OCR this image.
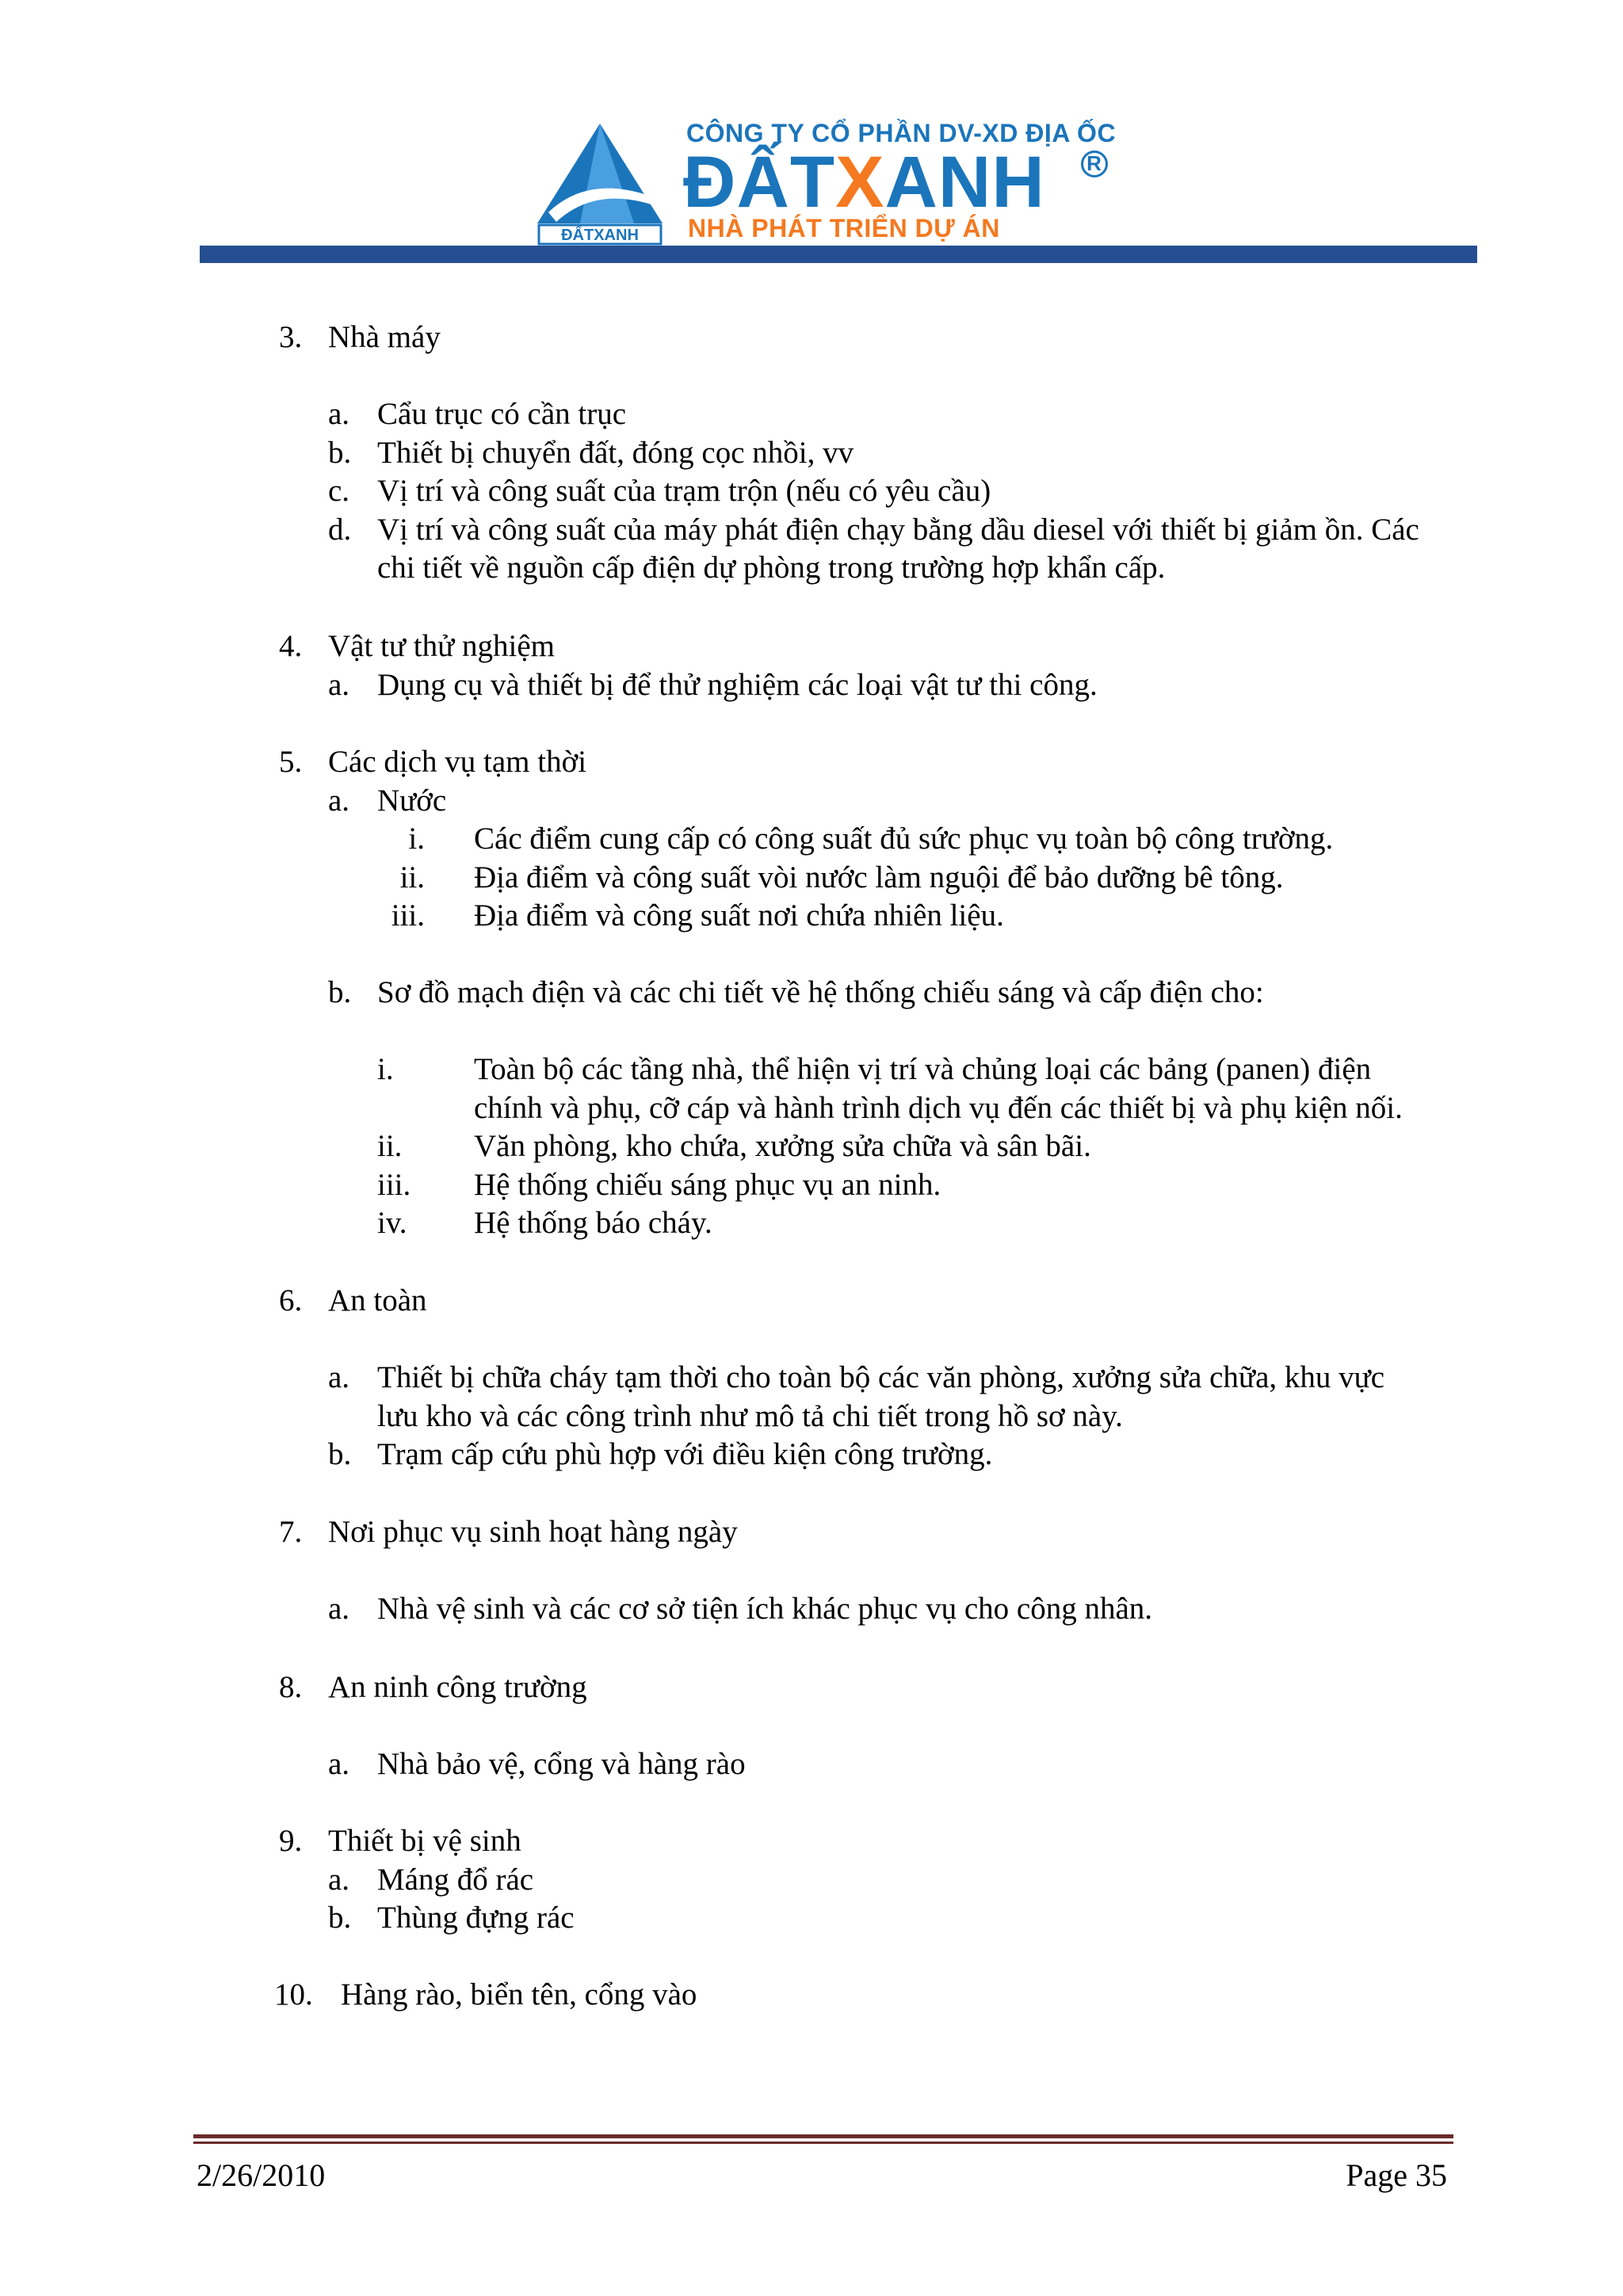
ĐẤTXANH
CÔNG TY CỔ PHẦN DV-XD ĐỊA ỐC
ĐẤTXANH R
NHÀ PHÁT TRIỂN DỰ ÁN
3. Nhà máy
a. Cẩu trục có cần trục
b. Thiết bị chuyển đất, đóng cọc nhồi, vv
c. Vị trí và công suất của trạm trộn (nếu có yêu cầu)
d. Vị trí và công suất của máy phát điện chạy bằng dầu diesel với thiết bị giảm ồn. Các
chi tiết về nguồn cấp điện dự phòng trong trường hợp khẩn cấp.
4. Vật tư thử nghiệm
a. Dụng cụ và thiết bị để thử nghiệm các loại vật tư thi công.
5. Các dịch vụ tạm thời
a. Nước
i. Các điểm cung cấp có công suất đủ sức phục vụ toàn bộ công trường.
ii. Địa điểm và công suất vòi nước làm nguội để bảo dưỡng bê tông.
iii. Địa điểm và công suất nơi chứa nhiên liệu.
b. Sơ đồ mạch điện và các chi tiết về hệ thống chiếu sáng và cấp điện cho:
i.	Toàn bộ các tầng nhà, thể hiện vị trí và chủng loại các bảng (panen) điện
chính và phụ, cỡ cáp và hành trình dịch vụ đến các thiết bị và phụ kiện nối.
ii. Văn phòng, kho chứa, xưởng sửa chữa và sân bãi.
iii. Hệ thống chiếu sáng phục vụ an ninh.
iv. Hệ thống báo cháy.
6. An toàn
a. Thiết bị chữa cháy tạm thời cho toàn bộ các văn phòng, xưởng sửa chữa, khu vực
lưu kho và các công trình như mô tả chi tiết trong hồ sơ này.
b. Trạm cấp cứu phù hợp với điều kiện công trường.
7. Nơi phục vụ sinh hoạt hàng ngày
a. Nhà vệ sinh và các cơ sở tiện ích khác phục vụ cho công nhân.
8. An ninh công trường
a. Nhà bảo vệ, cổng và hàng rào
9. Thiết bị vệ sinh
a. Máng đổ rác
b. Thùng đựng rác
10. Hàng rào, biển tên, cổng vào
2/26/2010	Page 35
